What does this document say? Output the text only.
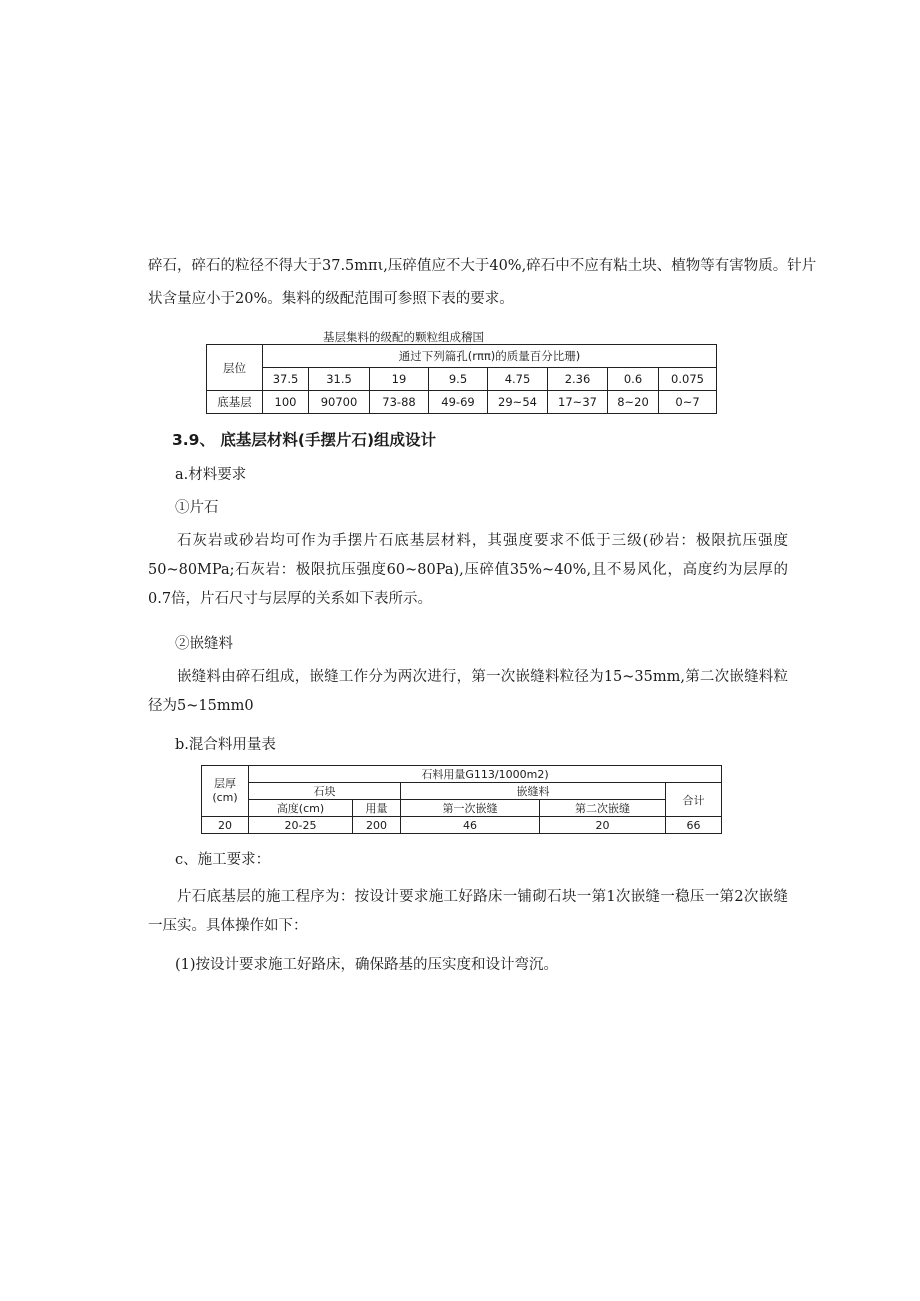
碎石，碎石的粒径不得大于37.5mπι,压碎值应不大于40%,碎石中不应有粘土块、植物等有害物质。针片

状含量应小于20%。集料的级配范围可参照下表的要求。

基层集料的级配的颗粒组成稽国

层位	通过下列篇孔(rππ)的质量百分比珊)							
	37.5	31.5	19	9.5	4.75	2.36	0.6	0.075
底基层	100	90700	73-88	49-69	29~54	17~37	8~20	0~7

3.9、 底基层材料(手摆片石)组成设计

a.材料要求

①片石

石灰岩或砂岩均可作为手摆片石底基层材料，其强度要求不低于三级(砂岩：极限抗压强度50~80MPa;石灰岩：极限抗压强度60~80Pa),压碎值35%~40%,且不易风化，高度约为层厚的0.7倍，片石尺寸与层厚的关系如下表所示。

②嵌缝料

嵌缝料由碎石组成，嵌缝工作分为两次进行，第一次嵌缝料粒径为15~35mm,第二次嵌缝料粒径为5~15mm0

b.混合料用量表

层厚(cm)	石料用量G113/1000m2)				
	石块		嵌缝料		合计
	高度(cm)	用量	第一次嵌缝	第二次嵌缝	
20	20-25	200	46	20	66

c、施工要求：

片石底基层的施工程序为：按设计要求施工好路床一铺砌石块一第1次嵌缝一稳压一第2次嵌缝一压实。具体操作如下：

(1)按设计要求施工好路床，确保路基的压实度和设计弯沉。
